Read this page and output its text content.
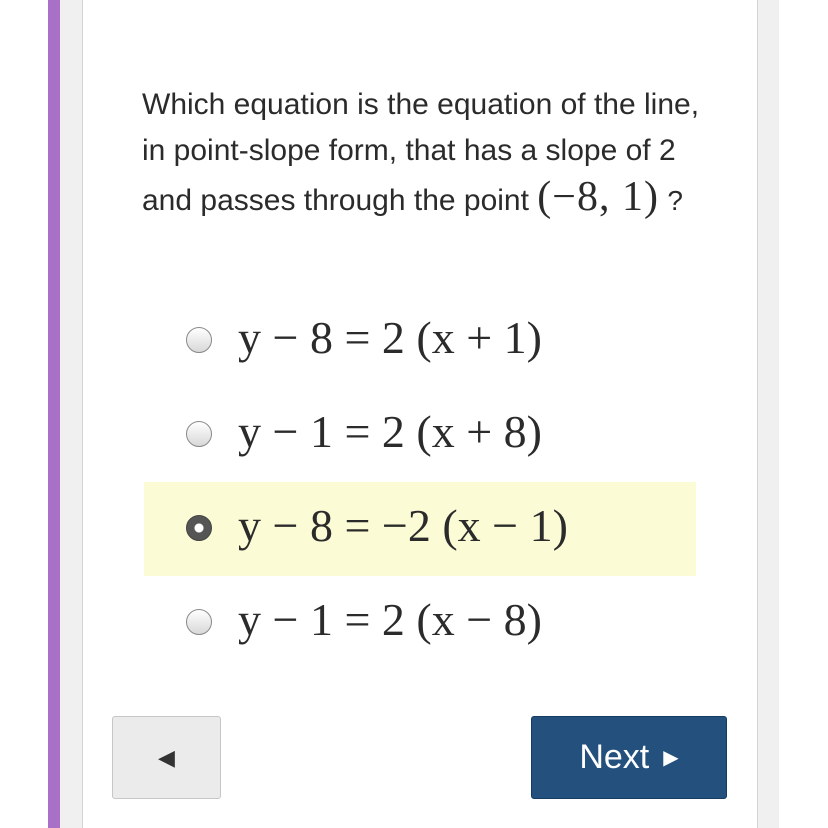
Which equation is the equation of the line, in point-slope form, that has a slope of 2 and passes through the point (−8, 1) ?
y − 8 = 2 (x + 1)
y − 1 = 2 (x + 8)
y − 8 = −2 (x − 1)
y − 1 = 2 (x − 8)
◀	Next ▶
